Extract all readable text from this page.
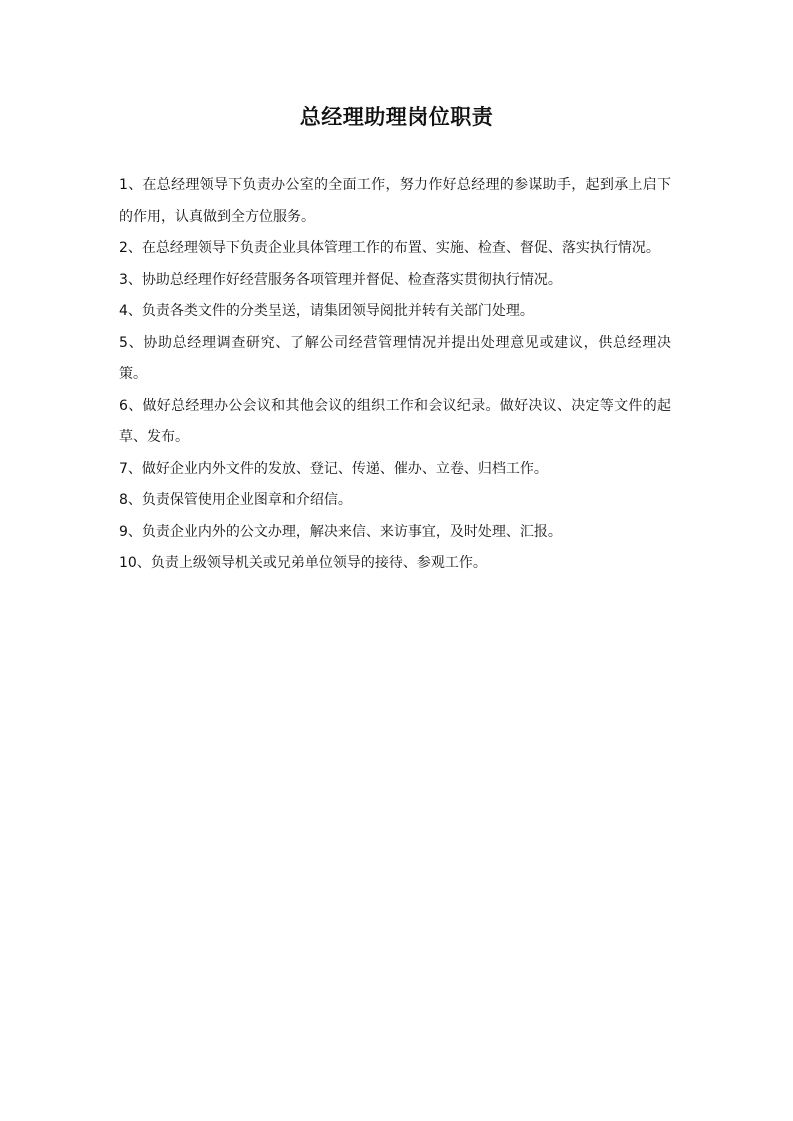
总经理助理岗位职责
1、在总经理领导下负责办公室的全面工作，努力作好总经理的参谋助手，起到承上启下的作用，认真做到全方位服务。
2、在总经理领导下负责企业具体管理工作的布置、实施、检查、督促、落实执行情况。
3、协助总经理作好经营服务各项管理并督促、检查落实贯彻执行情况。
4、负责各类文件的分类呈送，请集团领导阅批并转有关部门处理。
5、协助总经理调查研究、了解公司经营管理情况并提出处理意见或建议，供总经理决策。
6、做好总经理办公会议和其他会议的组织工作和会议纪录。做好决议、决定等文件的起草、发布。
7、做好企业内外文件的发放、登记、传递、催办、立卷、归档工作。
8、负责保管使用企业图章和介绍信。
9、负责企业内外的公文办理，解决来信、来访事宜，及时处理、汇报。
10、负责上级领导机关或兄弟单位领导的接待、参观工作。
